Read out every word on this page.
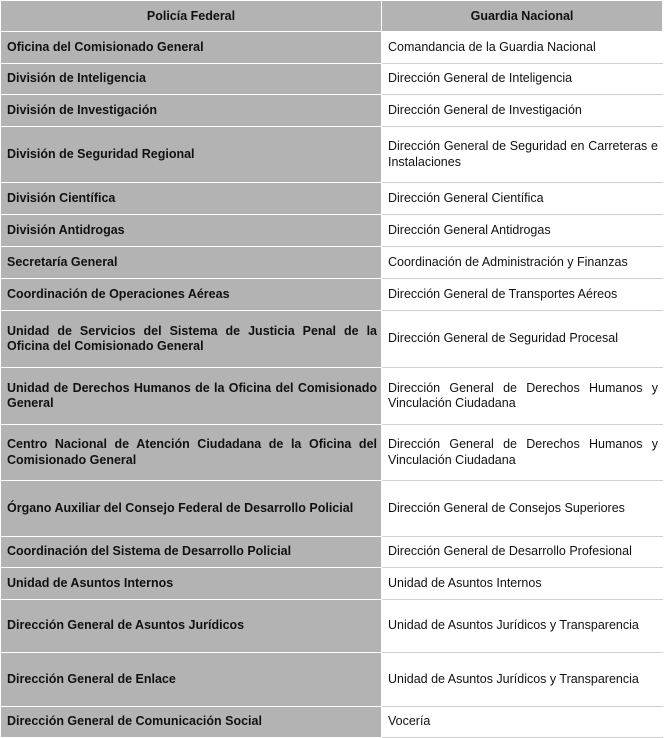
Policía Federal	Guardia Nacional
Oficina del Comisionado General	Comandancia de la Guardia Nacional
División de Inteligencia	Dirección General de Inteligencia
División de Investigación	Dirección General de Investigación
División de Seguridad Regional	Dirección General de Seguridad en Carreteras e Instalaciones
División Científica	Dirección General Científica
División Antidrogas	Dirección General Antidrogas
Secretaría General	Coordinación de Administración y Finanzas
Coordinación de Operaciones Aéreas	Dirección General de Transportes Aéreos
Unidad de Servicios del Sistema de Justicia Penal de la Oficina del Comisionado General	Dirección General de Seguridad Procesal
Unidad de Derechos Humanos de la Oficina del Comisionado General	Dirección General de Derechos Humanos y Vinculación Ciudadana
Centro Nacional de Atención Ciudadana de la Oficina del Comisionado General	Dirección General de Derechos Humanos y Vinculación Ciudadana
Órgano Auxiliar del Consejo Federal de Desarrollo Policial	Dirección General de Consejos Superiores
Coordinación del Sistema de Desarrollo Policial	Dirección General de Desarrollo Profesional
Unidad de Asuntos Internos	Unidad de Asuntos Internos
Dirección General de Asuntos Jurídicos	Unidad de Asuntos Jurídicos y Transparencia
Dirección General de Enlace	Unidad de Asuntos Jurídicos y Transparencia
Dirección General de Comunicación Social	Vocería
